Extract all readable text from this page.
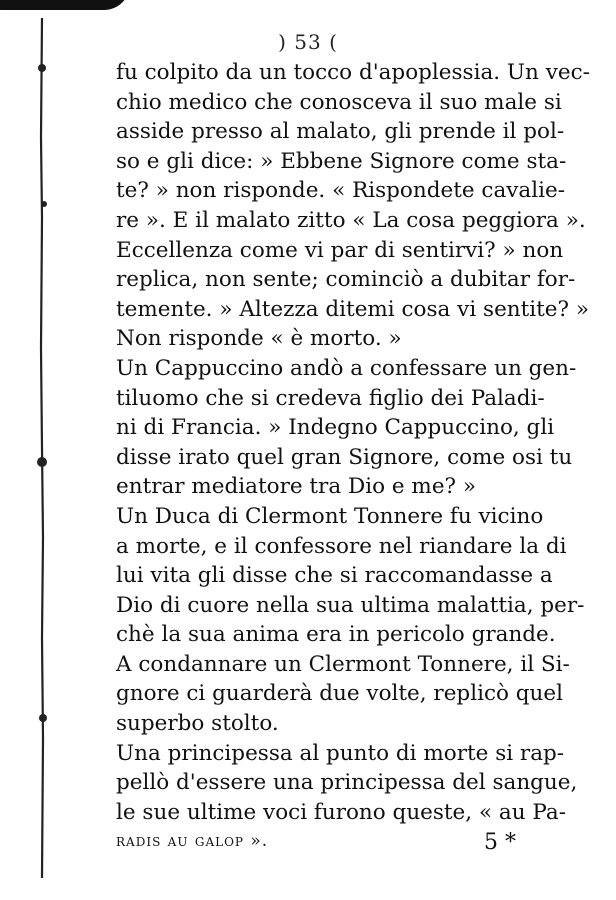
) 53 (
fu colpito da un tocco d'apoplessia. Un vec-
chio medico che conosceva il suo male si
asside presso al malato, gli prende il pol-
so e gli dice: » Ebbene Signore come sta-
te? » non risponde. « Rispondete cavalie-
re ». E il malato zitto « La cosa peggiora ».
Eccellenza come vi par di sentirvi? » non
replica, non sente; cominciò a dubitar for-
temente. » Altezza ditemi cosa vi sentite? »
Non risponde « è morto. »
Un Cappuccino andò a confessare un gen-
tiluomo che si credeva figlio dei Paladi-
ni di Francia. » Indegno Cappuccino, gli
disse irato quel gran Signore, come osi tu
entrar mediatore tra Dio e me? »
Un Duca di Clermont Tonnere fu vicino
a morte, e il confessore nel riandare la di
lui vita gli disse che si raccomandasse a
Dio di cuore nella sua ultima malattia, per-
chè la sua anima era in pericolo grande.
A condannare un Clermont Tonnere, il Si-
gnore ci guarderà due volte, replicò quel
superbo stolto.
Una principessa al punto di morte si rap-
pellò d'essere una principessa del sangue,
le sue ultime voci furono queste, « au Pa-
radis au galop ».	5 *
